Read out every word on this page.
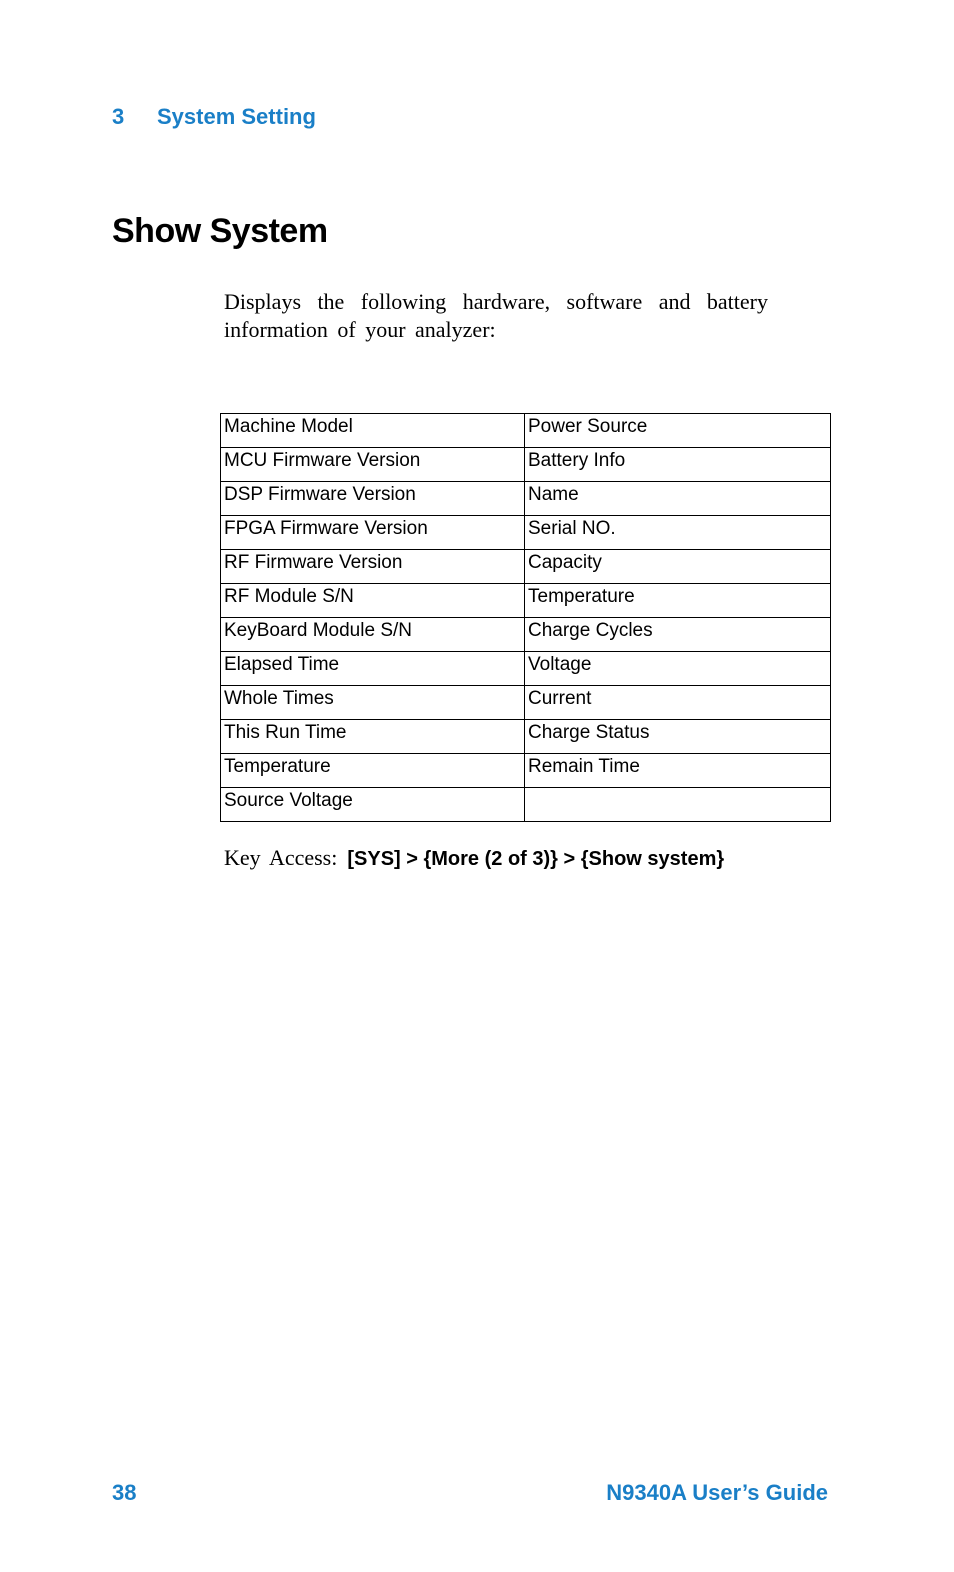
3 System Setting
Show System

Displays the following hardware, software and battery information of your analyzer:

Machine Model	Power Source
MCU Firmware Version	Battery Info
DSP Firmware Version	Name
FPGA Firmware Version	Serial NO.
RF Firmware Version	Capacity
RF Module S/N	Temperature
KeyBoard Module S/N	Charge Cycles
Elapsed Time	Voltage
Whole Times	Current
This Run Time	Charge Status
Temperature	Remain Time
Source Voltage	
Key Access: [SYS] > {More (2 of 3)} > {Show system}
38	N9340A User’s Guide
